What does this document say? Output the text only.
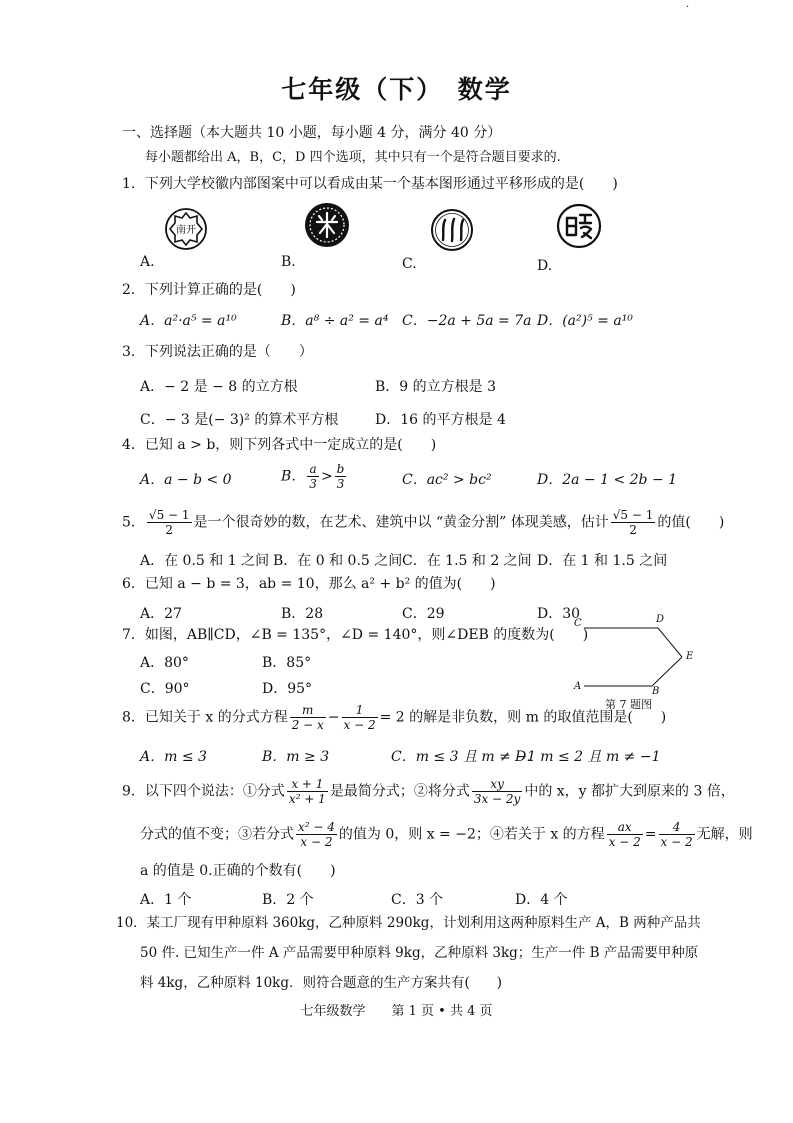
·
七年级（下）　数学
一、选择题（本大题共 10 小题，每小题 4 分，满分 40 分）
每小题都给出 A，B，C，D 四个选项，其中只有一个是符合题目要求的.
1．下列大学校徽内部图案中可以看成由某一个基本图形通过平移形成的是(　　)
南开
A.	B.	C.	D.
2．下列计算正确的是(　　)
A．a²·a⁵ = a¹⁰	B．a⁸ ÷ a² = a⁴ C．−2a + 5a = 7a D．(a²)⁵ = a¹⁰
3．下列说法正确的是（　　）
A．− 2 是 − 8 的立方根	B．9 的立方根是 3
C．− 3 是(− 3)² 的算术平方根	D．16 的平方根是 4
4．已知 a > b，则下列各式中一定成立的是(　　)
A．a − b < 0	B． $\frac{a}{3} > \frac{b}{3}$	C．ac² > bc²	D．2a − 1 < 2b − 1
5． $\frac{√5 - 1}{2}$ 是一个很奇妙的数，在艺术、建筑中以 “黄金分割” 体现美感，估计 $\frac{√5 - 1}{2}$ 的值(　　)
A．在 0.5 和 1 之间 B．在 0 和 0.5 之间 C．在 1.5 和 2 之间 D．在 1 和 1.5 之间
6．已知 a − b = 3，ab = 10，那么 a² + b² 的值为(　　)
A．27	B．28	C．29	D．30
7．如图，AB∥CD，∠B = 135°，∠D = 140°，则∠DEB 的度数为(　　)
A．80°	B．85°
C．90°	D．95°
C	D
E
A	B
第 7 题图
8．已知关于 x 的分式方程 $\frac{m}{2 - x} - \frac{1}{x - 2} = 2$ 的解是非负数，则 m 的取值范围是(　　)
A．m ≤ 3	B．m ≥ 3	C．m ≤ 3 且 m ≠ −1
D．m ≤ 2 且 m ≠ −1
9．以下四个说法：①分式 $\frac{x + 1}{\text{x² + 1}}$ 是最简分式；②将分式 $\frac{xy}{3x - 2y}$ 中的 x，y 都扩大到原来的 3 倍，
分式的值不变；③若分式 $\frac{\text{x² − 4}}{x - 2}$ 的值为 0，则 x = −2；④若关于 x 的方程 $\frac{ax}{x - 2} = \frac{4}{x - 2}$ 无解，则
a 的值是 0.正确的个数有(　　)
A．1 个	B．2 个	C．3 个	D．4 个
10．某工厂现有甲种原料 360kg，乙种原料 290kg，计划利用这两种原料生产 A，B 两种产品共
50 件. 已知生产一件 A 产品需要甲种原料 9kg，乙种原料 3kg；生产一件 B 产品需要甲种原
料 4kg，乙种原料 10kg．则符合题意的生产方案共有(　　)
七年级数学　　第 1 页 • 共 4 页
